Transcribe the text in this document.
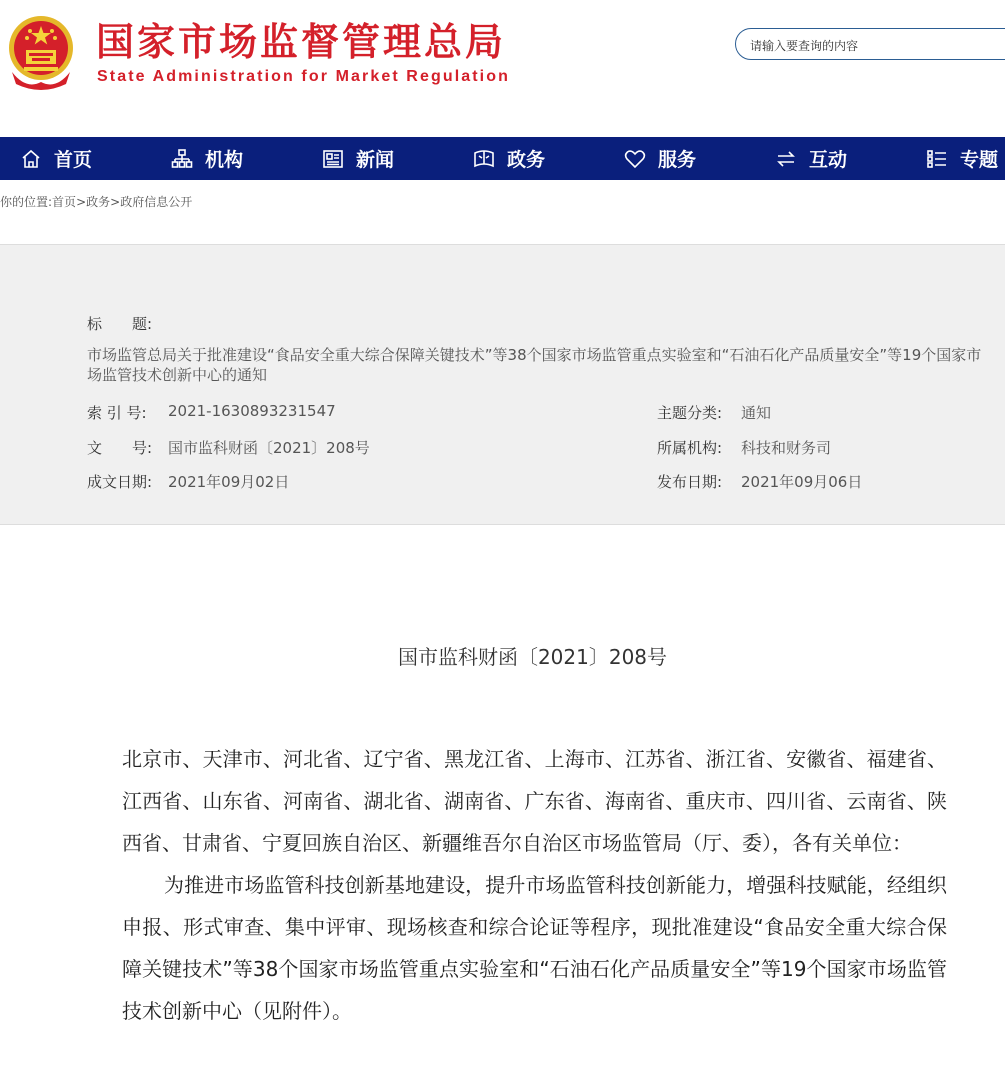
国家市场监督管理总局
State Administration for Market Regulation
请输入要查询的内容
首页	机构	新闻	政务	服务	互动	专题
你的位置:首页>政务>政府信息公开
标　　题:
市场监管总局关于批准建设“食品安全重大综合保障关键技术”等38个国家市场监管重点实验室和“石油石化产品质量安全”等19个国家市场监管技术创新中心的通知
索 引 号: 2021-1630893231547	主题分类: 通知
文　　号: 国市监科财函〔2021〕208号	所属机构: 科技和财务司
成文日期: 2021年09月02日	发布日期: 2021年09月06日
国市监科财函〔2021〕208号

北京市、天津市、河北省、辽宁省、黑龙江省、上海市、江苏省、浙江省、安徽省、福建省、江西省、山东省、河南省、湖北省、湖南省、广东省、海南省、重庆市、四川省、云南省、陕西省、甘肃省、宁夏回族自治区、新疆维吾尔自治区市场监管局（厅、委），各有关单位：

为推进市场监管科技创新基地建设，提升市场监管科技创新能力，增强科技赋能，经组织申报、形式审查、集中评审、现场核查和综合论证等程序，现批准建设“食品安全重大综合保障关键技术”等38个国家市场监管重点实验室和“石油石化产品质量安全”等19个国家市场监管技术创新中心（见附件）。
